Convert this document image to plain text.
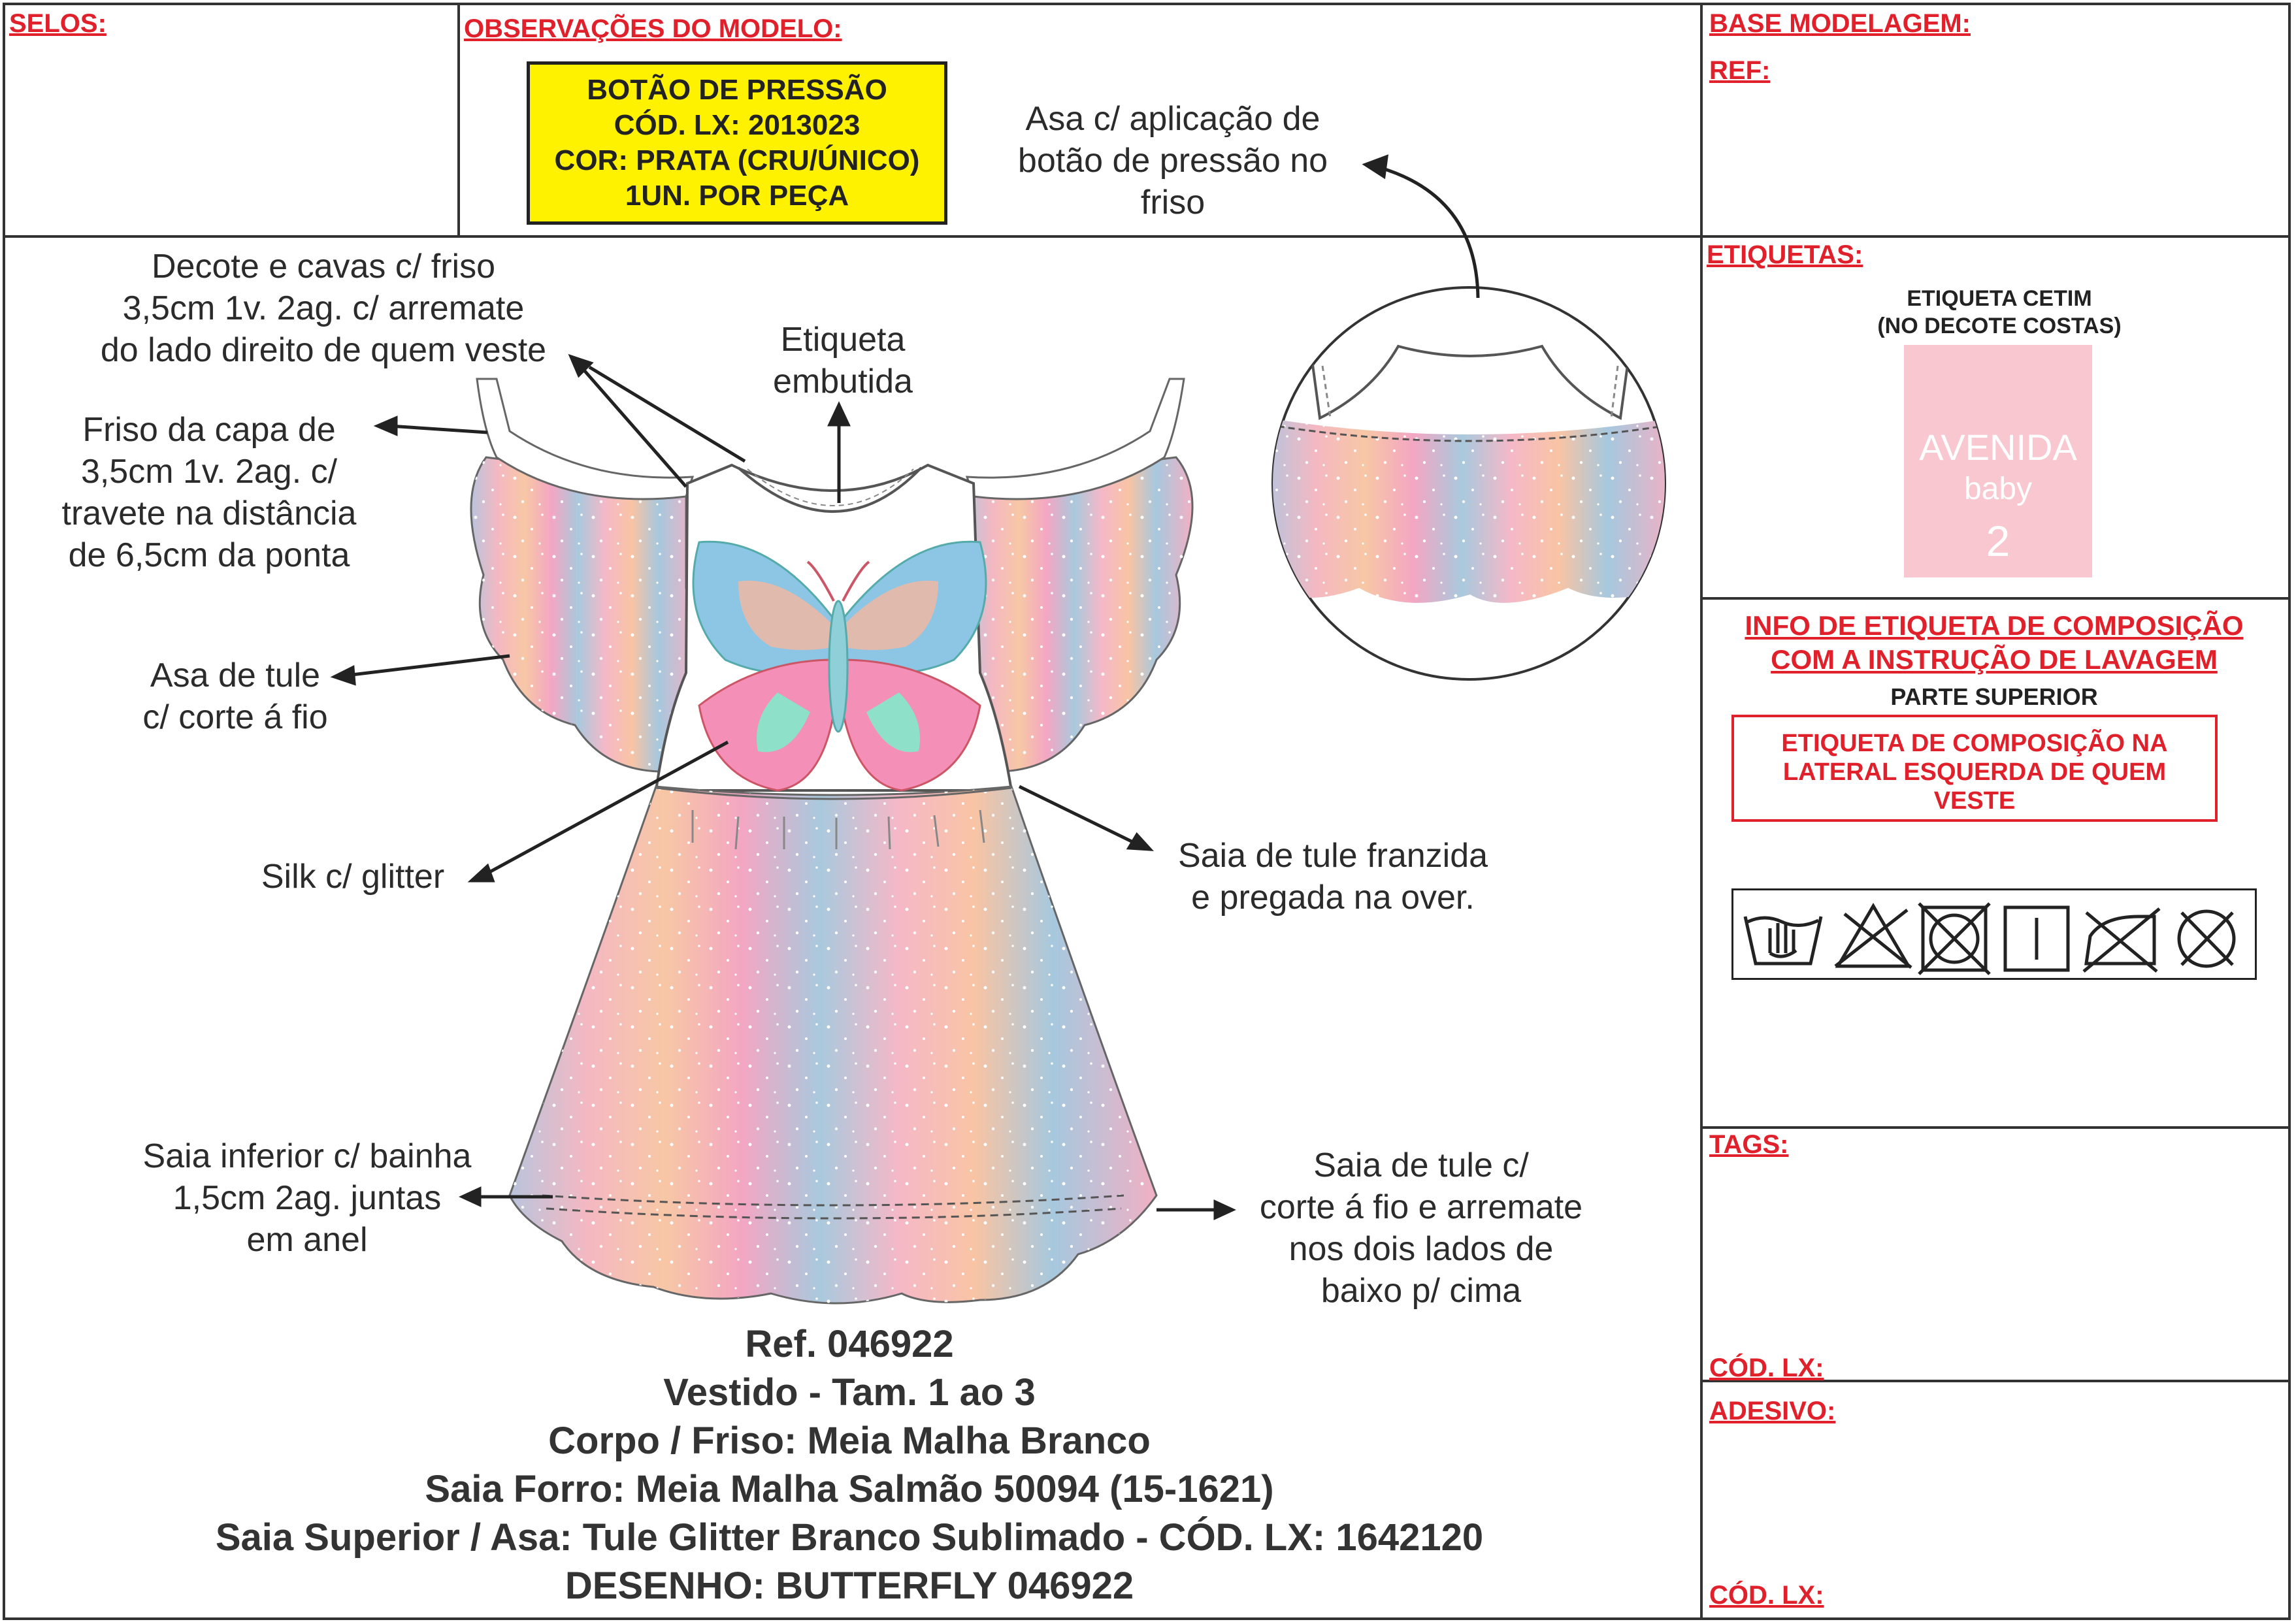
SELOS:	OBSERVAÇÕES DO MODELO:	BASE MODELAGEM:
REF:
BOTÃO DE PRESSÃO
CÓD. LX: 2013023
COR: PRATA (CRU/ÚNICO)
1UN. POR PEÇA
ETIQUETAS:
ETIQUETA CETIM
(NO DECOTE COSTAS)
AVENIDA
baby
2
INFO DE ETIQUETA DE COMPOSIÇÃO
COM A INSTRUÇÃO DE LAVAGEM
PARTE SUPERIOR
ETIQUETA DE COMPOSIÇÃO NA
LATERAL ESQUERDA DE QUEM
VESTE
TAGS:
CÓD. LX:
ADESIVO:
CÓD. LX:
Asa c/ aplicação de
botão de pressão no
friso
Decote e cavas c/ friso
3,5cm 1v. 2ag. c/ arremate
do lado direito de quem veste	Etiqueta
embutida
Friso da capa de
3,5cm 1v. 2ag. c/
travete na distância
de 6,5cm da ponta
Asa de tule
c/ corte á fio
Silk c/ glitter
Saia de tule franzida
e pregada na over.
Saia inferior c/ bainha
1,5cm 2ag. juntas
em anel
Saia de tule c/
corte á fio e arremate
nos dois lados de
baixo p/ cima
Ref. 046922
Vestido - Tam. 1 ao 3
Corpo / Friso: Meia Malha Branco
Saia Forro: Meia Malha Salmão 50094 (15-1621)
Saia Superior / Asa: Tule Glitter Branco Sublimado - CÓD. LX: 1642120
DESENHO: BUTTERFLY 046922
